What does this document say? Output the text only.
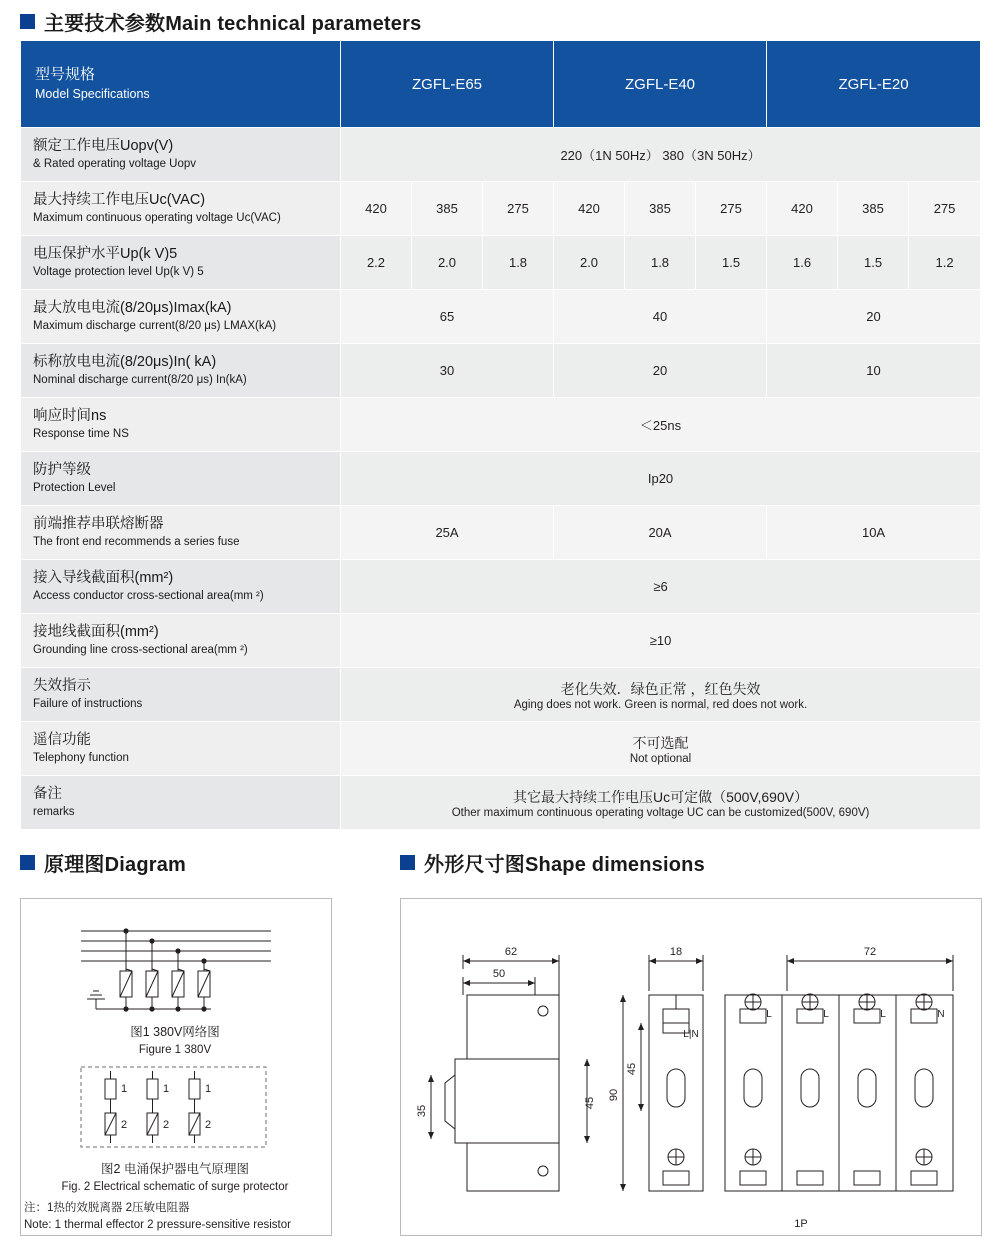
主要技术参数Main technical parameters
型号规格
Model Specifications	ZGFL-E65			ZGFL-E40			ZGFL-E20		

额定工作电压Uopv(V)
& Rated operating voltage Uopv	220（1N 50Hz） 380（3N 50Hz）								

最大持续工作电压Uc(VAC)
Maximum continuous operating voltage Uc(VAC)	420	385	275	420	385	275	420	385	275

电压保护水平Up(k V)5
Voltage protection level Up(k V) 5	2.2	2.0	1.8	2.0	1.8	1.5	1.6	1.5	1.2

最大放电电流(8/20μs)Imax(kA)
Maximum discharge current(8/20 μs) LMAX(kA)	65			40			20		

标称放电电流(8/20μs)In( kA)
Nominal discharge current(8/20 μs) In(kA)	30			20			10		

响应时间ns
Response time NS	＜25ns								

防护等级
Protection Level	Ip20								

前端推荐串联熔断器
The front end recommends a series fuse	25A			20A			10A		

接入导线截面积(mm²)
Access conductor cross-sectional area(mm ²)	≥6								

接地线截面积(mm²)
Grounding line cross-sectional area(mm ²)	≥10								

失效指示
Failure of instructions	老化失效．绿色正常 ，红色失效
Aging does not work. Green is normal, red does not work.								

遥信功能
Telephony function	不可选配
Not optional								

备注
remarks	其它最大持续工作电压Uc可定做（500V,690V）
Other maximum continuous operating voltage UC can be customized(500V, 690V)								
原理图Diagram	外形尺寸图Shape dimensions
1	1	1
2	2	2
图1 380V网络图
Figure 1 380V
图2 电涌保护器电气原理图
Fig. 2 Electrical schematic of surge protector
注：1热的效脱离器 2压敏电阻器
Note: 1 thermal effector 2 pressure-sensitive resistor
62
50
18	72
1P
L|N
L	L	L	N
35
45
90
45
